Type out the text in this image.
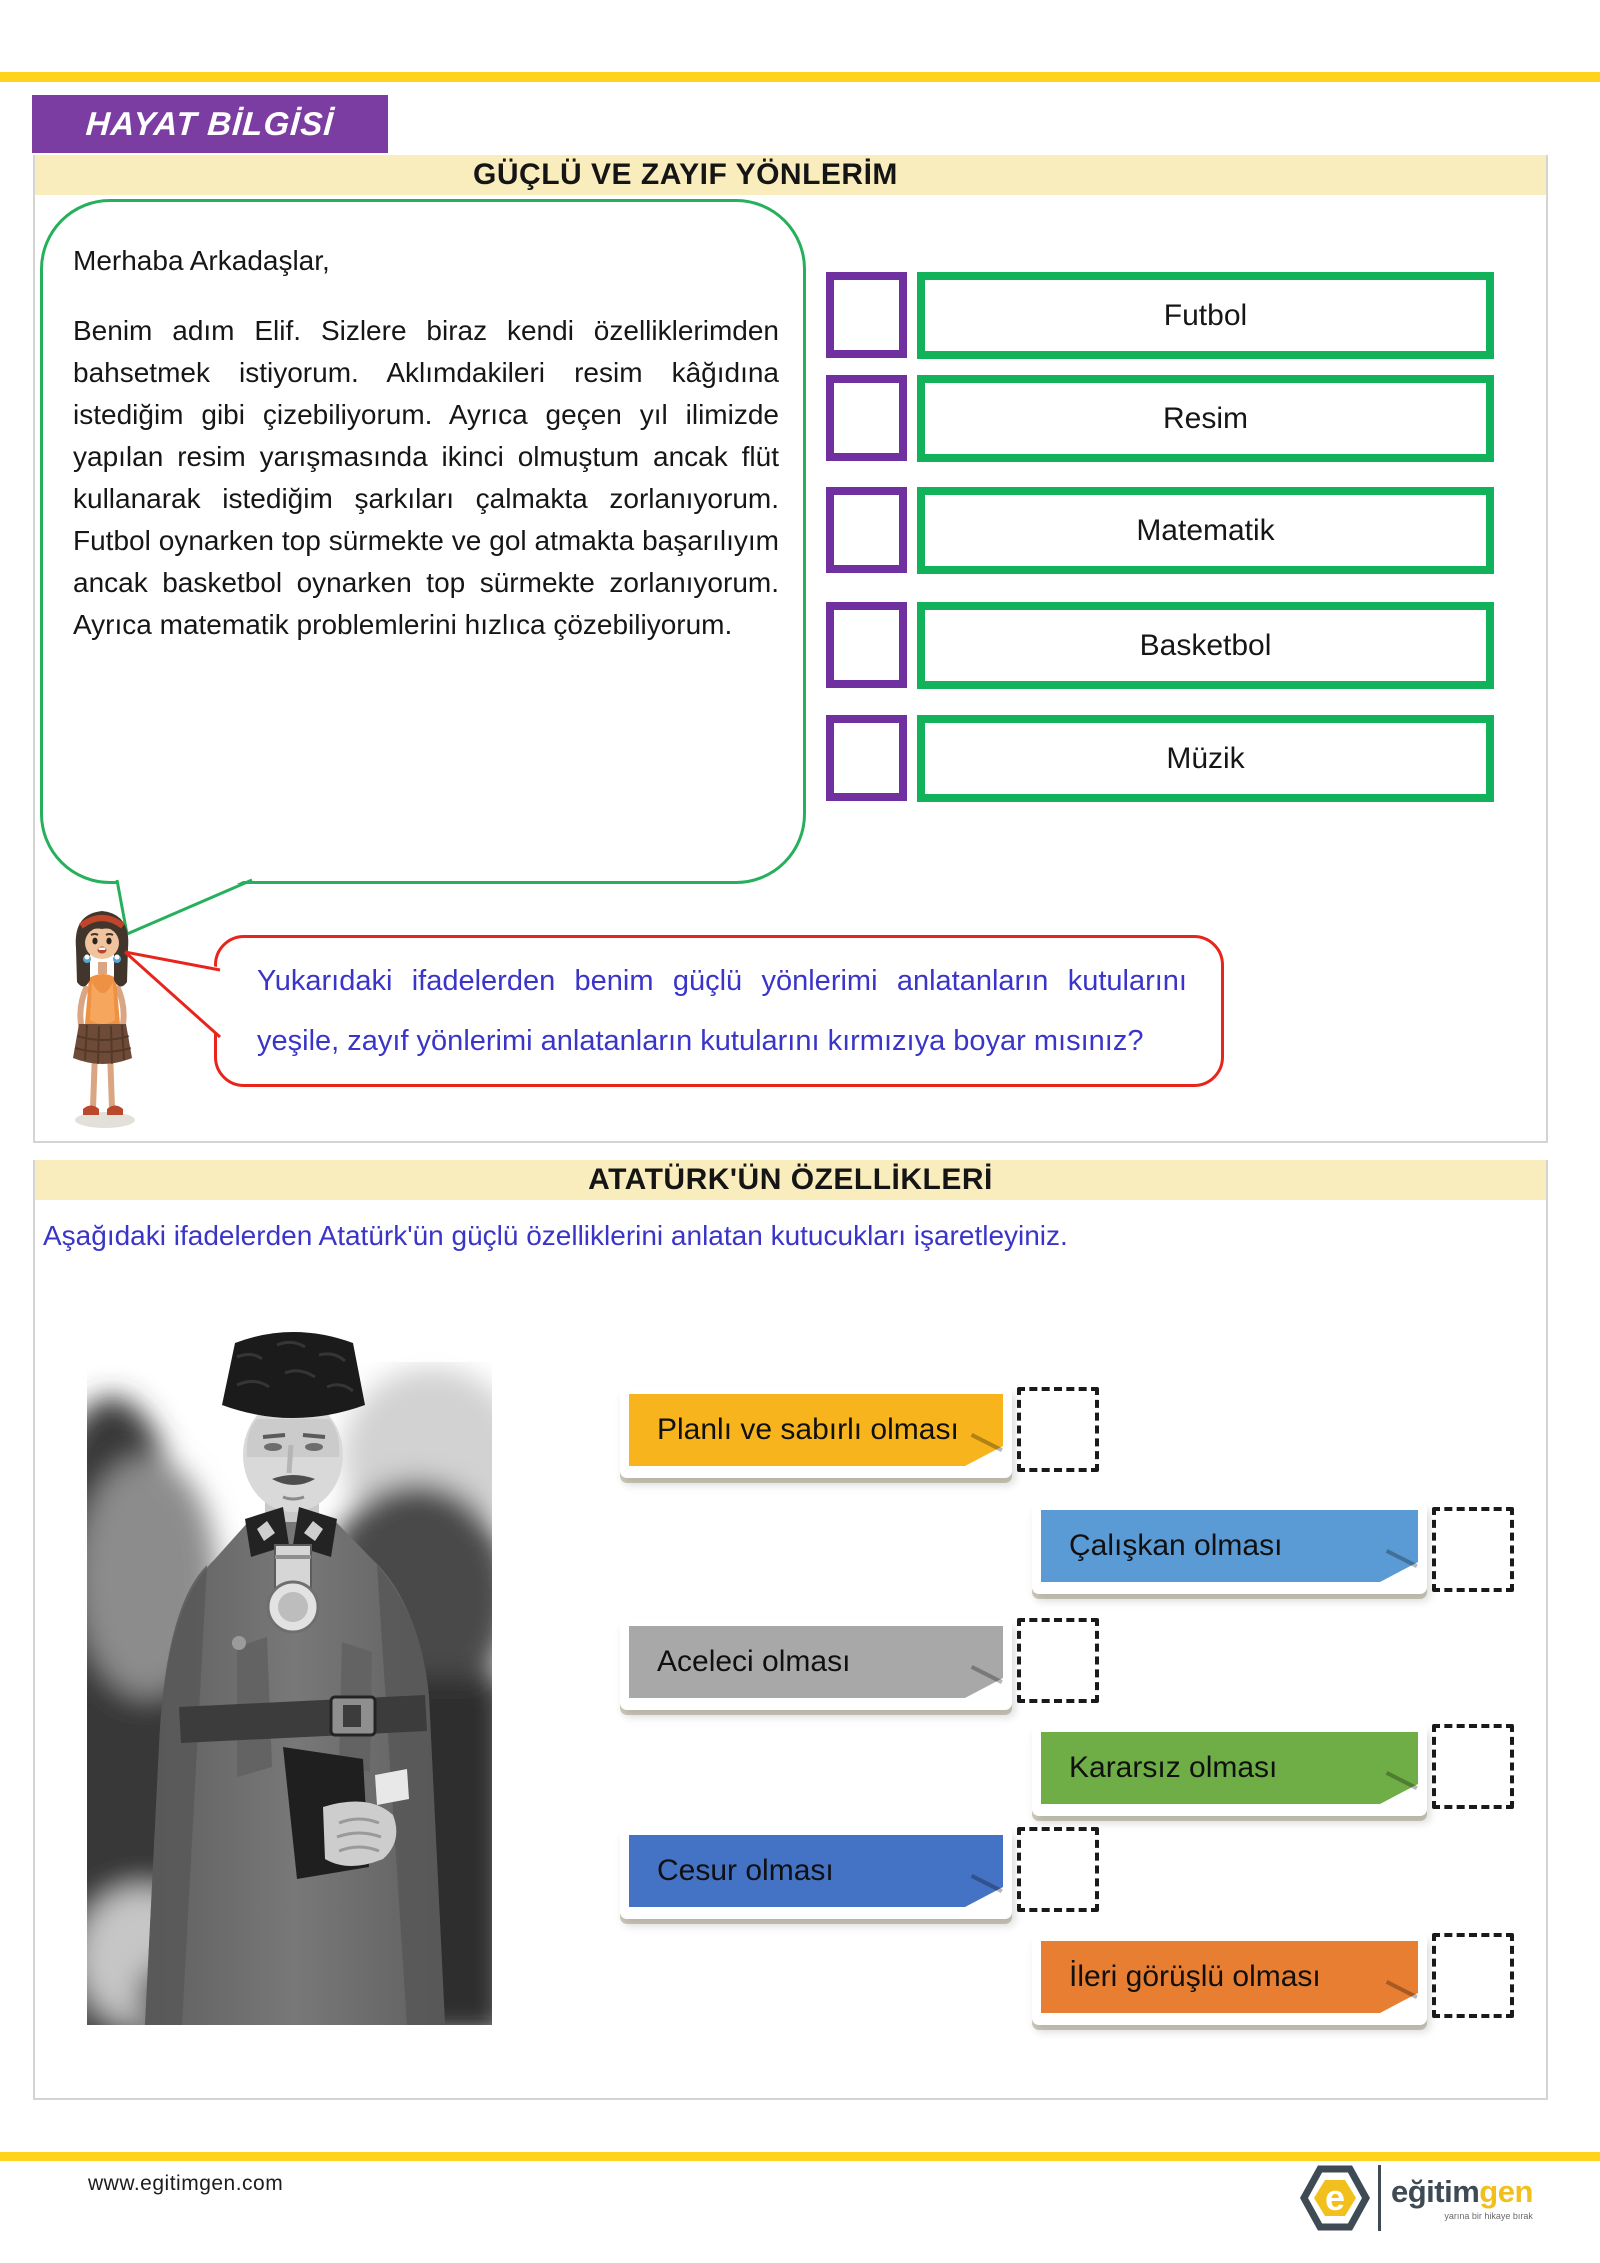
HAYAT BİLGİSİ
GÜÇLÜ VE ZAYIF YÖNLERİM

Merhaba Arkadaşlar,

Benim adım Elif. Sizlere biraz kendi özelliklerimden bahsetmek istiyorum. Aklımdakileri resim kâğıdına istediğim gibi çizebiliyorum. Ayrıca geçen yıl ilimizde yapılan resim yarışmasında ikinci olmuştum ancak flüt kullanarak istediğim şarkıları çalmakta zorlanıyorum. Futbol oynarken top sürmekte ve gol atmakta başarılıyım ancak basketbol oynarken top sürmekte zorlanıyorum. Ayrıca matematik problemlerini hızlıca çözebiliyorum.

Futbol
Resim
Matematik
Basketbol
Müzik

Yukarıdaki ifadelerden benim güçlü yönlerimi anlatanların kutularını yeşile, zayıf yönlerimi anlatanların kutularını kırmızıya boyar mısınız?

ATATÜRK'ÜN ÖZELLİKLERİ

Aşağıdaki ifadelerden Atatürk'ün güçlü özelliklerini anlatan kutucukları işaretleyiniz.

Planlı ve sabırlı olması
Çalışkan olması
Aceleci olması
Kararsız olması
Cesur olması
İleri görüşlü olması
www.egitimgen.com	e eğitimgen
yarına bir hikaye bırak
